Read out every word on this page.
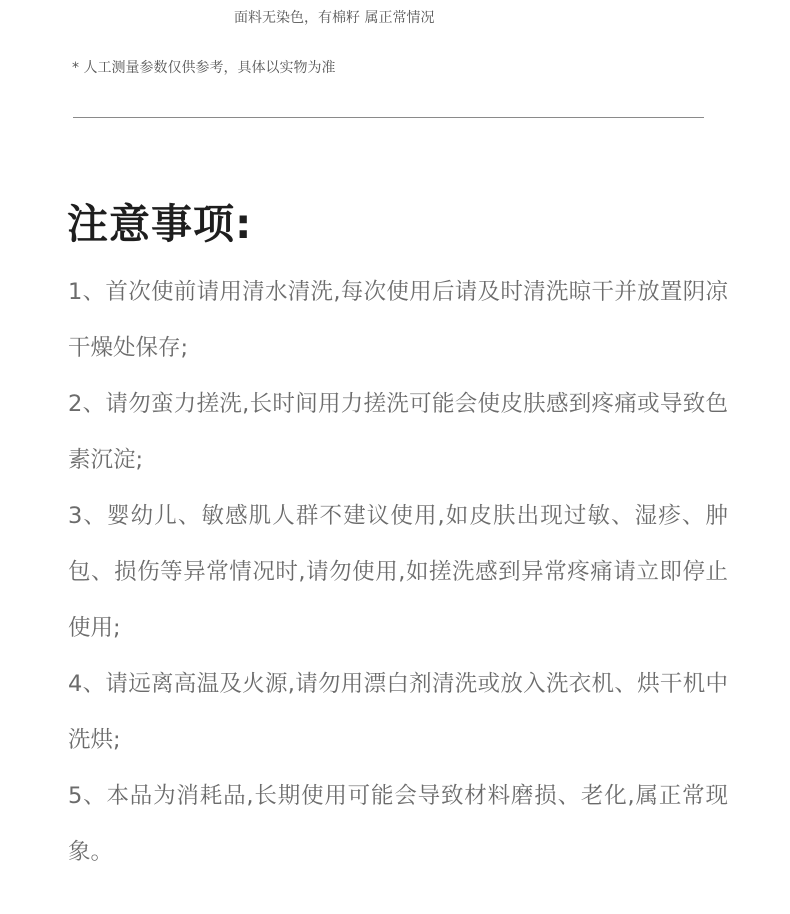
面料无染色，有棉籽 属正常情况
* 人工测量参数仅供参考，具体以实物为准
注意事项:
1、首次使前请用清水清洗,每次使用后请及时清洗晾干并放置阴凉干燥处保存;
2、请勿蛮力搓洗,长时间用力搓洗可能会使皮肤感到疼痛或导致色素沉淀;
3、婴幼儿、敏感肌人群不建议使用,如皮肤出现过敏、湿疹、肿包、损伤等异常情况时,请勿使用,如搓洗感到异常疼痛请立即停止使用;
4、请远离高温及火源,请勿用漂白剂清洗或放入洗衣机、烘干机中洗烘;
5、本品为消耗品,长期使用可能会导致材料磨损、老化,属正常现象。
